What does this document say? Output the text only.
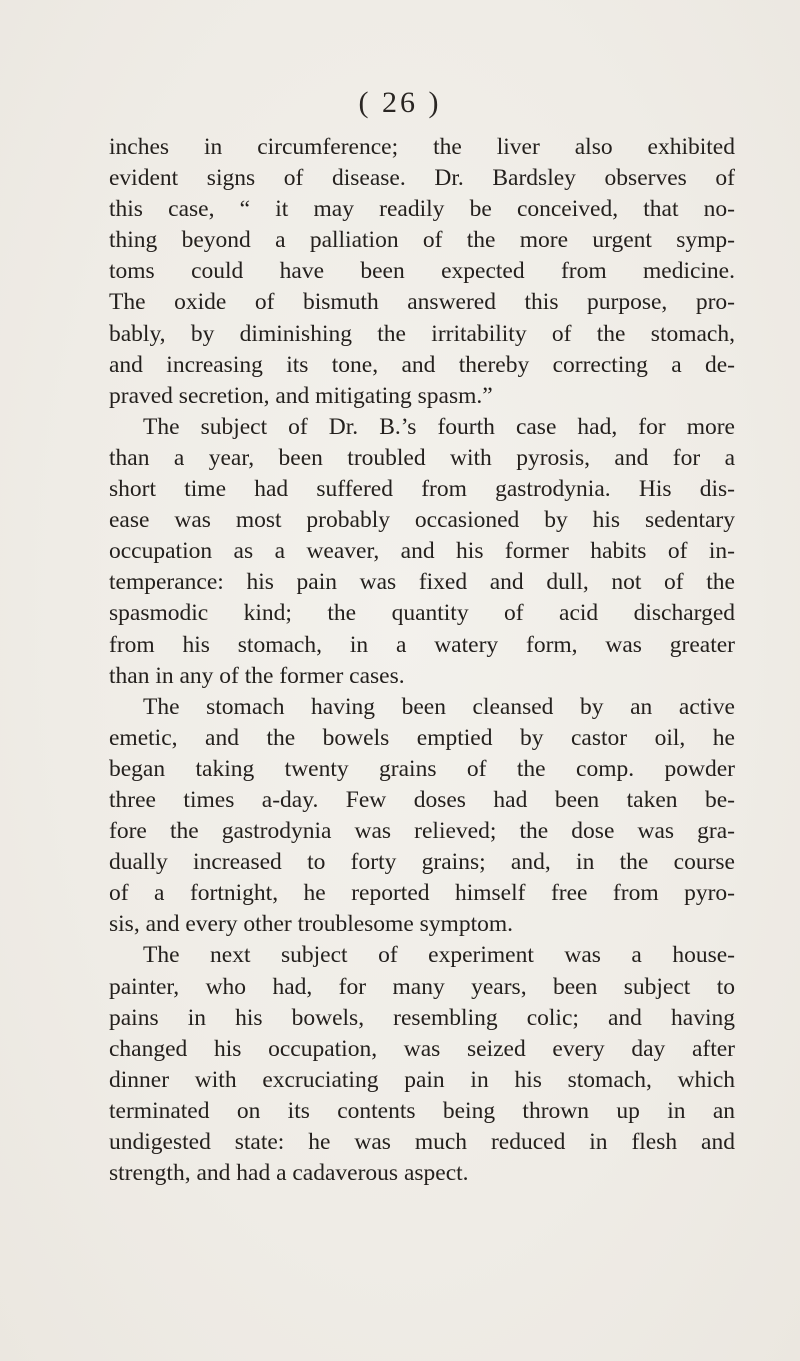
( 26 )
inches in circumference; the liver also exhibited
evident signs of disease. Dr. Bardsley observes of
this case, “ it may readily be conceived, that no-
thing beyond a palliation of the more urgent symp-
toms could have been expected from medicine.
The oxide of bismuth answered this purpose, pro-
bably, by diminishing the irritability of the stomach,
and increasing its tone, and thereby correcting a de-
praved secretion, and mitigating spasm.”
The subject of Dr. B.’s fourth case had, for more
than a year, been troubled with pyrosis, and for a
short time had suffered from gastrodynia. His dis-
ease was most probably occasioned by his sedentary
occupation as a weaver, and his former habits of in-
temperance: his pain was fixed and dull, not of the
spasmodic kind; the quantity of acid discharged
from his stomach, in a watery form, was greater
than in any of the former cases.
The stomach having been cleansed by an active
emetic, and the bowels emptied by castor oil, he
began taking twenty grains of the comp. powder
three times a-day. Few doses had been taken be-
fore the gastrodynia was relieved; the dose was gra-
dually increased to forty grains; and, in the course
of a fortnight, he reported himself free from pyro-
sis, and every other troublesome symptom.
The next subject of experiment was a house-
painter, who had, for many years, been subject to
pains in his bowels, resembling colic; and having
changed his occupation, was seized every day after
dinner with excruciating pain in his stomach, which
terminated on its contents being thrown up in an
undigested state: he was much reduced in flesh and
strength, and had a cadaverous aspect.
